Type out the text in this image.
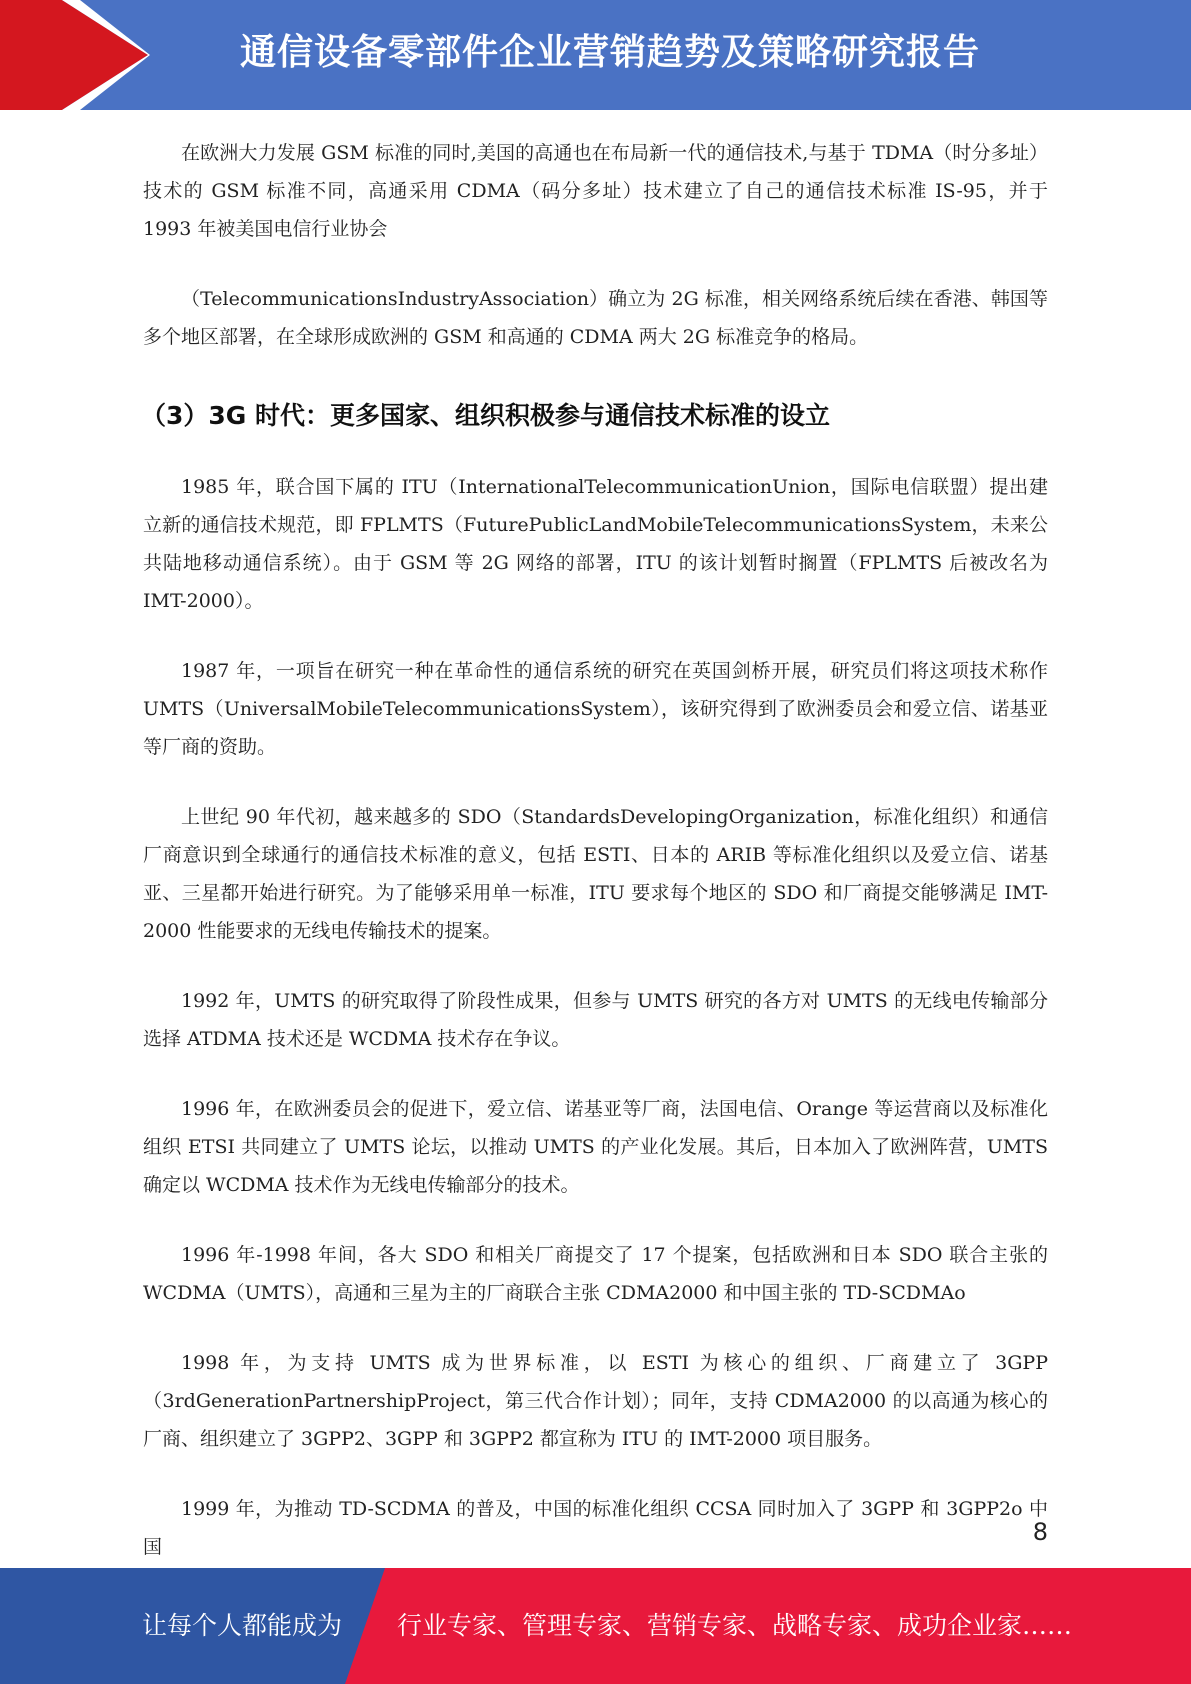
通信设备零部件企业营销趋势及策略研究报告

在欧洲大力发展 GSM 标准的同时,美国的高通也在布局新一代的通信技术,与基于 TDMA（时分多址）技术的 GSM 标准不同，高通采用 CDMA（码分多址）技术建立了自己的通信技术标准 IS-95，并于 1993 年被美国电信行业协会

（TelecommunicationsIndustryAssociation）确立为 2G 标准，相关网络系统后续在香港、韩国等多个地区部署，在全球形成欧洲的 GSM 和高通的 CDMA 两大 2G 标准竞争的格局。

（3）3G 时代：更多国家、组织积极参与通信技术标准的设立

1985 年，联合国下属的 ITU（InternationalTelecommunicationUnion，国际电信联盟）提出建立新的通信技术规范，即 FPLMTS（FuturePublicLandMobileTelecommunicationsSystem，未来公共陆地移动通信系统）。由于 GSM 等 2G 网络的部署，ITU 的该计划暂时搁置（FPLMTS 后被改名为 IMT-2000）。

1987 年，一项旨在研究一种在革命性的通信系统的研究在英国剑桥开展，研究员们将这项技术称作 UMTS（UniversalMobileTelecommunicationsSystem），该研究得到了欧洲委员会和爱立信、诺基亚等厂商的资助。

上世纪 90 年代初，越来越多的 SDO（StandardsDevelopingOrganization，标准化组织）和通信厂商意识到全球通行的通信技术标准的意义，包括 ESTI、日本的 ARIB 等标准化组织以及爱立信、诺基亚、三星都开始进行研究。为了能够采用单一标准，ITU 要求每个地区的 SDO 和厂商提交能够满足 IMT-2000 性能要求的无线电传输技术的提案。

1992 年，UMTS 的研究取得了阶段性成果，但参与 UMTS 研究的各方对 UMTS 的无线电传输部分选择 ATDMA 技术还是 WCDMA 技术存在争议。

1996 年，在欧洲委员会的促进下，爱立信、诺基亚等厂商，法国电信、Orange 等运营商以及标准化组织 ETSI 共同建立了 UMTS 论坛，以推动 UMTS 的产业化发展。其后，日本加入了欧洲阵营，UMTS 确定以 WCDMA 技术作为无线电传输部分的技术。

1996 年-1998 年间，各大 SDO 和相关厂商提交了 17 个提案，包括欧洲和日本 SDO 联合主张的 WCDMA（UMTS），高通和三星为主的厂商联合主张 CDMA2000 和中国主张的 TD-SCDMAo

1998 年，为支持 UMTS 成为世界标准，以 ESTI 为核心的组织、厂商建立了 3GPP（3rdGenerationPartnershipProject，第三代合作计划）；同年，支持 CDMA2000 的以高通为核心的厂商、组织建立了 3GPP2、3GPP 和 3GPP2 都宣称为 ITU 的 IMT-2000 项目服务。

1999 年，为推动 TD-SCDMA 的普及，中国的标准化组织 CCSA 同时加入了 3GPP 和 3GPP2o 中国

8
让每个人都能成为 行业专家、管理专家、营销专家、战略专家、成功企业家……
